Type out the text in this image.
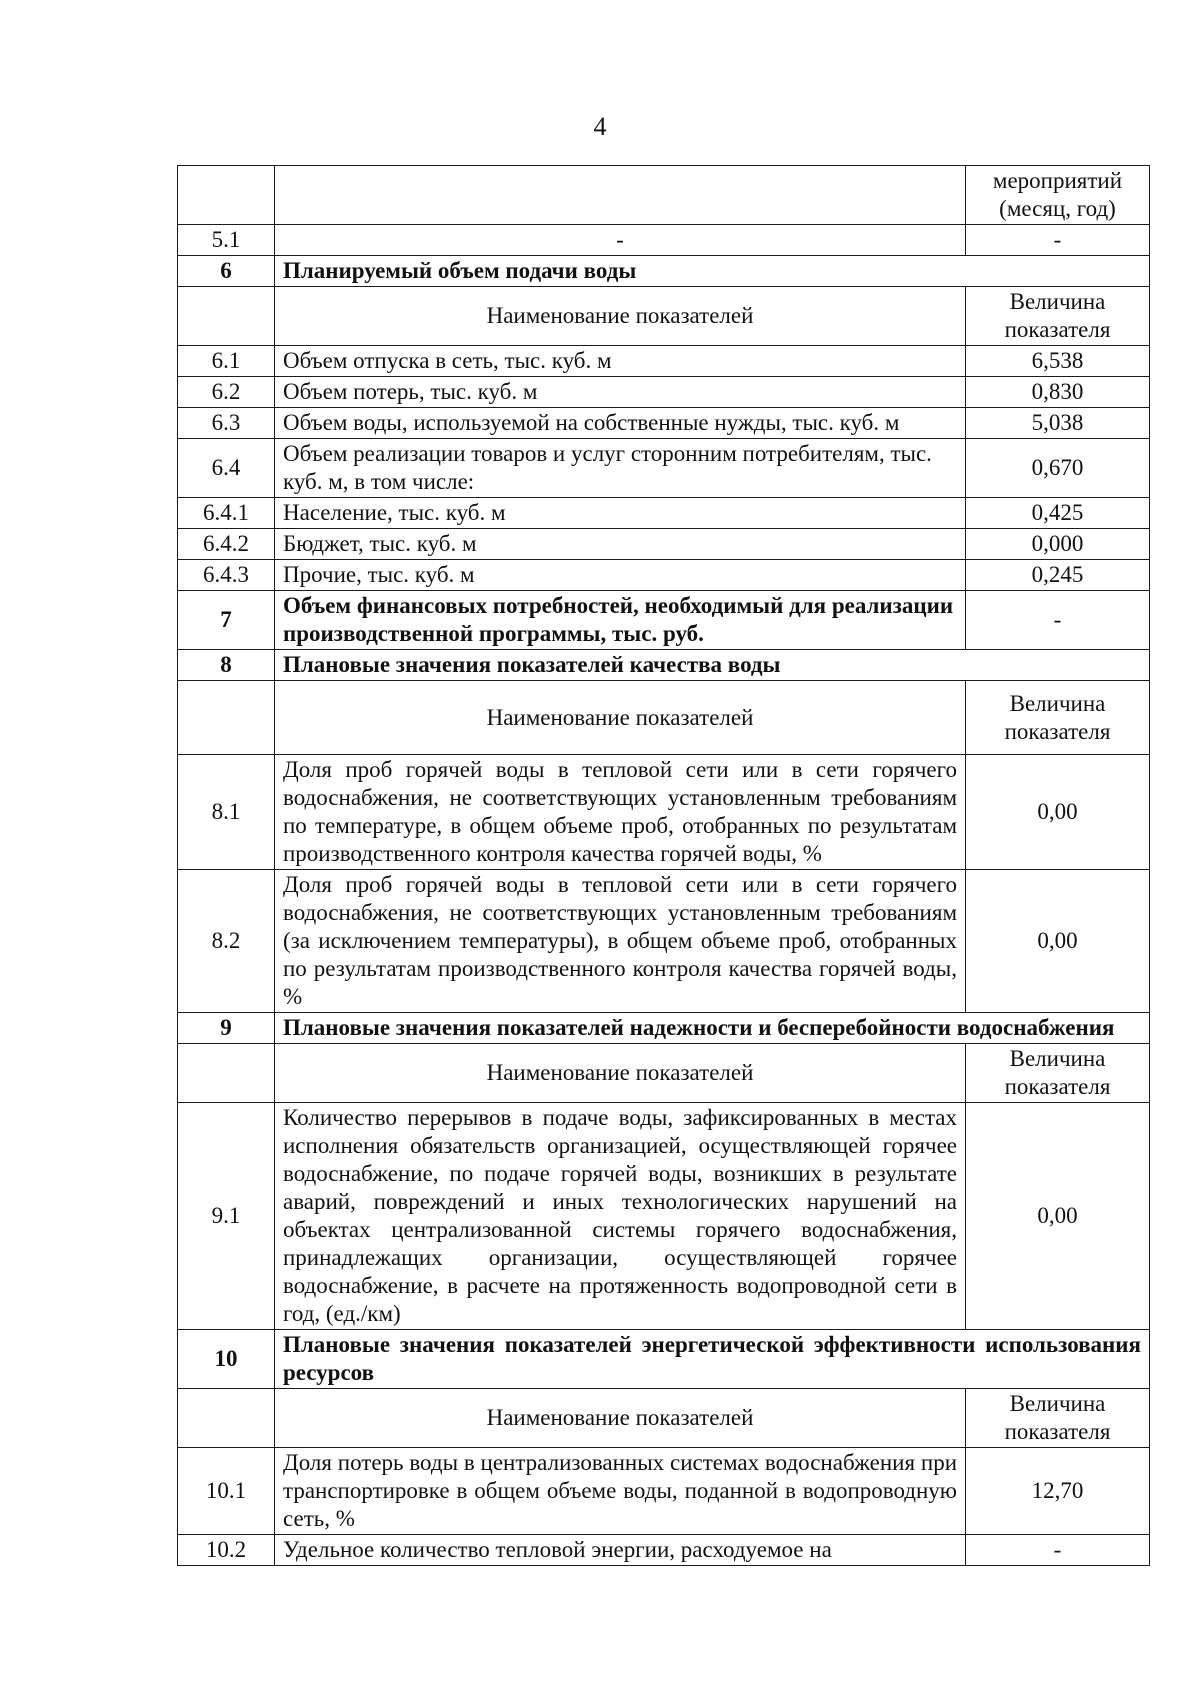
4
		мероприятий
(месяц, год)
5.1	-	-
6	Планируемый объем подачи воды	
	Наименование показателей	Величина
показателя
6.1	Объем отпуска в сеть, тыс. куб. м	6,538
6.2	Объем потерь, тыс. куб. м	0,830
6.3	Объем воды, используемой на собственные нужды, тыс. куб. м	5,038
6.4	Объем реализации товаров и услуг сторонним потребителям, тыс. куб. м, в том числе:	0,670
6.4.1	Население, тыс. куб. м	0,425
6.4.2	Бюджет, тыс. куб. м	0,000
6.4.3	Прочие, тыс. куб. м	0,245
7	Объем финансовых потребностей, необходимый для реализации производственной программы, тыс. руб.	-
8	Плановые значения показателей качества воды	
	Наименование показателей	Величина
показателя
8.1	Доля проб горячей воды в тепловой сети или в сети горячего водоснабжения, не соответствующих установленным требованиям по температуре, в общем объеме проб, отобранных по результатам производственного контроля качества горячей воды, %	0,00
8.2	Доля проб горячей воды в тепловой сети или в сети горячего водоснабжения, не соответствующих установленным требованиям (за исключением температуры), в общем объеме проб, отобранных по результатам производственного контроля качества горячей воды, %	0,00
9	Плановые значения показателей надежности и бесперебойности водоснабжения	
	Наименование показателей	Величина
показателя
9.1	Количество перерывов в подаче воды, зафиксированных в местах исполнения обязательств организацией, осуществляющей горячее водоснабжение, по подаче горячей воды, возникших в результате аварий, повреждений и иных технологических нарушений на объектах централизованной системы горячего водоснабжения, принадлежащих организации, осуществляющей горячее водоснабжение, в расчете на протяженность водопроводной сети в год, (ед./км)	0,00
10	Плановые значения показателей энергетической эффективности использования ресурсов	
	Наименование показателей	Величина
показателя
10.1	Доля потерь воды в централизованных системах водоснабжения при транспортировке в общем объеме воды, поданной в водопроводную сеть, %	12,70
10.2	Удельное количество тепловой энергии, расходуемое на	-
